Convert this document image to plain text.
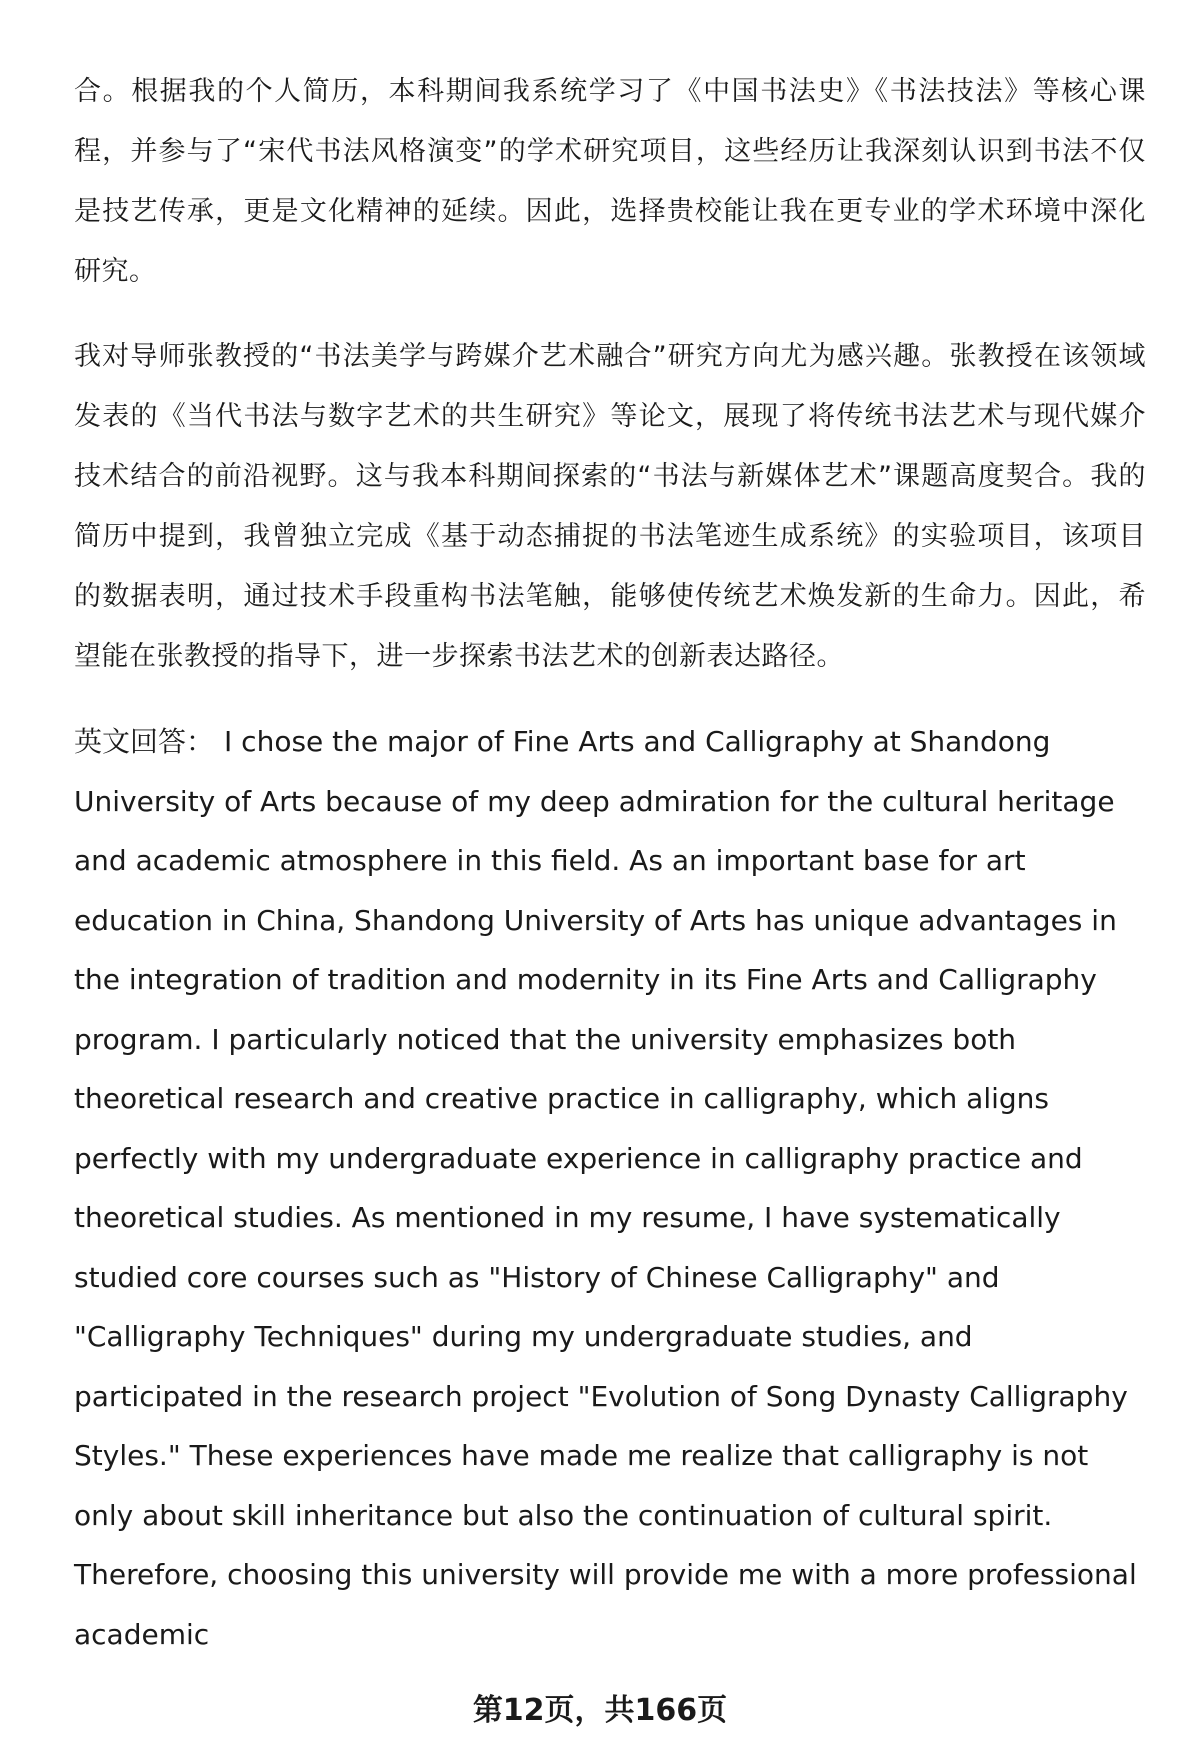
合。根据我的个人简历，本科期间我系统学习了《中国书法史》《书法技法》等核心课程，并参与了“宋代书法风格演变”的学术研究项目，这些经历让我深刻认识到书法不仅是技艺传承，更是文化精神的延续。因此，选择贵校能让我在更专业的学术环境中深化研究。

我对导师张教授的“书法美学与跨媒介艺术融合”研究方向尤为感兴趣。张教授在该领域发表的《当代书法与数字艺术的共生研究》等论文，展现了将传统书法艺术与现代媒介技术结合的前沿视野。这与我本科期间探索的“书法与新媒体艺术”课题高度契合。我的简历中提到，我曾独立完成《基于动态捕捉的书法笔迹生成系统》的实验项目，该项目的数据表明，通过技术手段重构书法笔触，能够使传统艺术焕发新的生命力。因此，希望能在张教授的指导下，进一步探索书法艺术的创新表达路径。

英文回答： I chose the major of Fine Arts and Calligraphy at Shandong University of Arts because of my deep admiration for the cultural heritage and academic atmosphere in this field. As an important base for art education in China, Shandong University of Arts has unique advantages in the integration of tradition and modernity in its Fine Arts and Calligraphy program. I particularly noticed that the university emphasizes both theoretical research and creative practice in calligraphy, which aligns perfectly with my undergraduate experience in calligraphy practice and theoretical studies. As mentioned in my resume, I have systematically studied core courses such as "History of Chinese Calligraphy" and "Calligraphy Techniques" during my undergraduate studies, and participated in the research project "Evolution of Song Dynasty Calligraphy Styles." These experiences have made me realize that calligraphy is not only about skill inheritance but also the continuation of cultural spirit. Therefore, choosing this university will provide me with a more professional academic

第12页，共166页
